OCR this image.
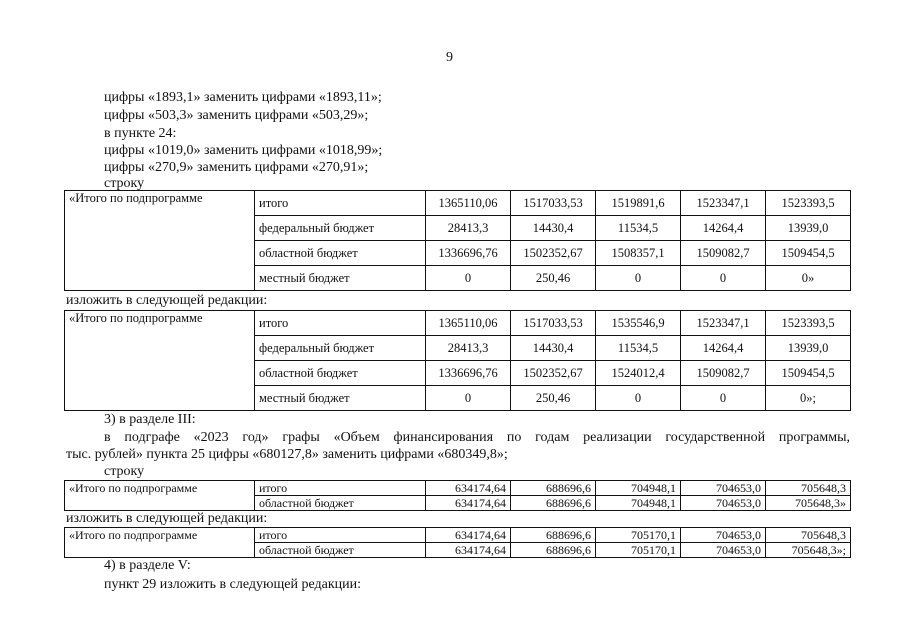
9
цифры «1893,1» заменить цифрами «1893,11»;
цифры «503,3» заменить цифрами «503,29»;
в пункте 24:
цифры «1019,0» заменить цифрами «1018,99»;
цифры «270,9» заменить цифрами «270,91»;
строку
«Итого по подпрограмме	итого	1365110,06	1517033,53	1519891,6	1523347,1	1523393,5
	федеральный бюджет	28413,3	14430,4	11534,5	14264,4	13939,0
	областной бюджет	1336696,76	1502352,67	1508357,1	1509082,7	1509454,5
	местный бюджет	0	250,46	0	0	0»
изложить в следующей редакции:
«Итого по подпрограмме	итого	1365110,06	1517033,53	1535546,9	1523347,1	1523393,5
	федеральный бюджет	28413,3	14430,4	11534,5	14264,4	13939,0
	областной бюджет	1336696,76	1502352,67	1524012,4	1509082,7	1509454,5
	местный бюджет	0	250,46	0	0	0»;
3) в разделе III:
в подграфе «2023 год» графы «Объем финансирования по годам реализации государственной программы,
тыс. рублей» пункта 25 цифры «680127,8» заменить цифрами «680349,8»;
строку
«Итого по подпрограмме	итого	634174,64	688696,6	704948,1	704653,0	705648,3
	областной бюджет	634174,64	688696,6	704948,1	704653,0	705648,3»
изложить в следующей редакции:
«Итого по подпрограмме	итого	634174,64	688696,6	705170,1	704653,0	705648,3
	областной бюджет	634174,64	688696,6	705170,1	704653,0	705648,3»;
4) в разделе V:
пункт 29 изложить в следующей редакции:
